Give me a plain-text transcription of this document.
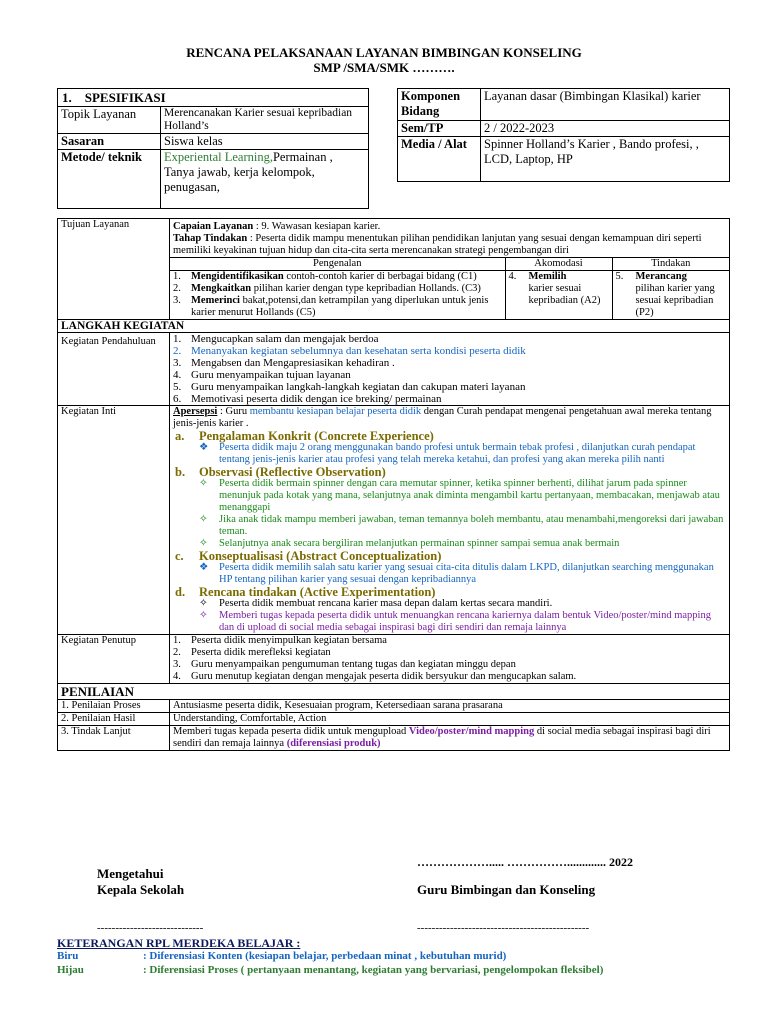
RENCANA PELAKSANAAN LAYANAN BIMBINGAN KONSELING
SMP /SMA/SMK ……….
1. SPESIFIKASI	
Topik Layanan	Merencanakan Karier sesuai kepribadian Holland’s
Sasaran	Siswa kelas
Metode/ teknik	Experiental Learning,Permainan , Tanya jawab, kerja kelompok, penugasan,
Komponen Bidang	Layanan dasar (Bimbingan Klasikal) karier
Sem/TP	2 / 2022-2023
Media / Alat	Spinner Holland’s Karier , Bando profesi, , LCD, Laptop, HP
Tujuan Layanan	Capaian Layanan : 9. Wawasan kesiapan karier.
Tahap Tindakan : Peserta didik mampu menentukan pilihan pendidikan lanjutan yang sesuai dengan kemampuan diri seperti memiliki keyakinan tujuan hidup dan cita-cita serta merencanakan strategi pengembangan diri
Pengenalan	Akomodasi	Tindakan

1. Mengidentifikasikan contoh-contoh karier di berbagai bidang (C1)
2. Mengkaitkan pilihan karier dengan type kepribadian Hollands. (C3)
3. Memerinci bakat,potensi,dan ketrampilan yang diperlukan untuk jenis karier menurut Hollands (C5)

4.	Memilih
karier sesuai kepribadian (A2)

5.	Merancang
pilihan karier yang sesuai kepribadian (P2)

LANGKAH KEGIATAN
Kegiatan Pendahuluan	1. Mengucapkan salam dan mengajak berdoa
2. Menanyakan kegiatan sebelumnya dan kesehatan serta kondisi peserta didik
3. Mengabsen dan Mengapresiasikan kehadiran .
4. Guru menyampaikan tujuan layanan
5. Guru menyampaikan langkah-langkah kegiatan dan cakupan materi layanan
6. Memotivasi peserta didik dengan ice breking/ permainan

Kegiatan Inti	Apersepsi : Guru membantu kesiapan belajar peserta didik dengan Curah pendapat mengenai pengetahuan awal mereka tentang jenis-jenis karier .
a. Pengalaman Konkrit (Concrete Experience)
❖	Peserta didik maju 2 orang menggunakan bando profesi untuk bermain tebak profesi , dilanjutkan curah pendapat tentang jenis-jenis karier atau profesi yang telah mereka ketahui, dan profesi yang akan mereka pilih nanti
b. Observasi (Reflective Observation)
✧	Peserta didik bermain spinner dengan cara memutar spinner, ketika spinner berhenti, dilihat jarum pada spinner menunjuk pada kotak yang mana, selanjutnya anak diminta mengambil kartu pertanyaan, membacakan, menjawab atau menanggapi
✧	Jika anak tidak mampu memberi jawaban, teman temannya boleh membantu, atau menambahi,mengoreksi dari jawaban teman.
✧	Selanjutnya anak secara bergiliran melanjutkan permainan spinner sampai semua anak bermain
c. Konseptualisasi (Abstract Conceptualization)
❖	Peserta didik memilih salah satu karier yang sesuai cita-cita ditulis dalam LKPD, dilanjutkan searching menggunakan HP tentang pilihan karier yang sesuai dengan kepribadiannya
d. Rencana tindakan (Active Experimentation)
✧	Peserta didik membuat rencana karier masa depan dalam kertas secara mandiri.
✧	Memberi tugas kepada peserta didik untuk menuangkan rencana kariernya dalam bentuk Video/poster/mind mapping dan di upload di social media sebagai inspirasi bagi diri sendiri dan remaja lainnya

Kegiatan Penutup	1. Peserta didik menyimpulkan kegiatan bersama
2. Peserta didik merefleksi kegiatan
3. Guru menyampaikan pengumuman tentang tugas dan kegiatan minggu depan
4. Guru menutup kegiatan dengan mengajak peserta didik bersyukur dan mengucapkan salam.

PENILAIAN
1. Penilaian Proses	Antusiasme peserta didik, Kesesuaian program, Ketersediaan sarana prasarana
2. Penilaian Hasil	Understanding, Comfortable, Action
3. Tindak Lanjut	Memberi tugas kepada peserta didik untuk mengupload Video/poster/mind mapping di social media sebagai inspirasi bagi diri sendiri dan remaja lainnya (diferensiasi produk)
………………..... ……………............. 2022
Mengetahui
Kepala Sekolah	Guru Bimbingan dan Konseling
-----------------------------	-----------------------------------------------
KETERANGAN RPL MERDEKA BELAJAR :
Biru	: Diferensiasi Konten (kesiapan belajar, perbedaan minat , kebutuhan murid)
Hijau	: Diferensiasi Proses ( pertanyaan menantang, kegiatan yang bervariasi, pengelompokan fleksibel)
